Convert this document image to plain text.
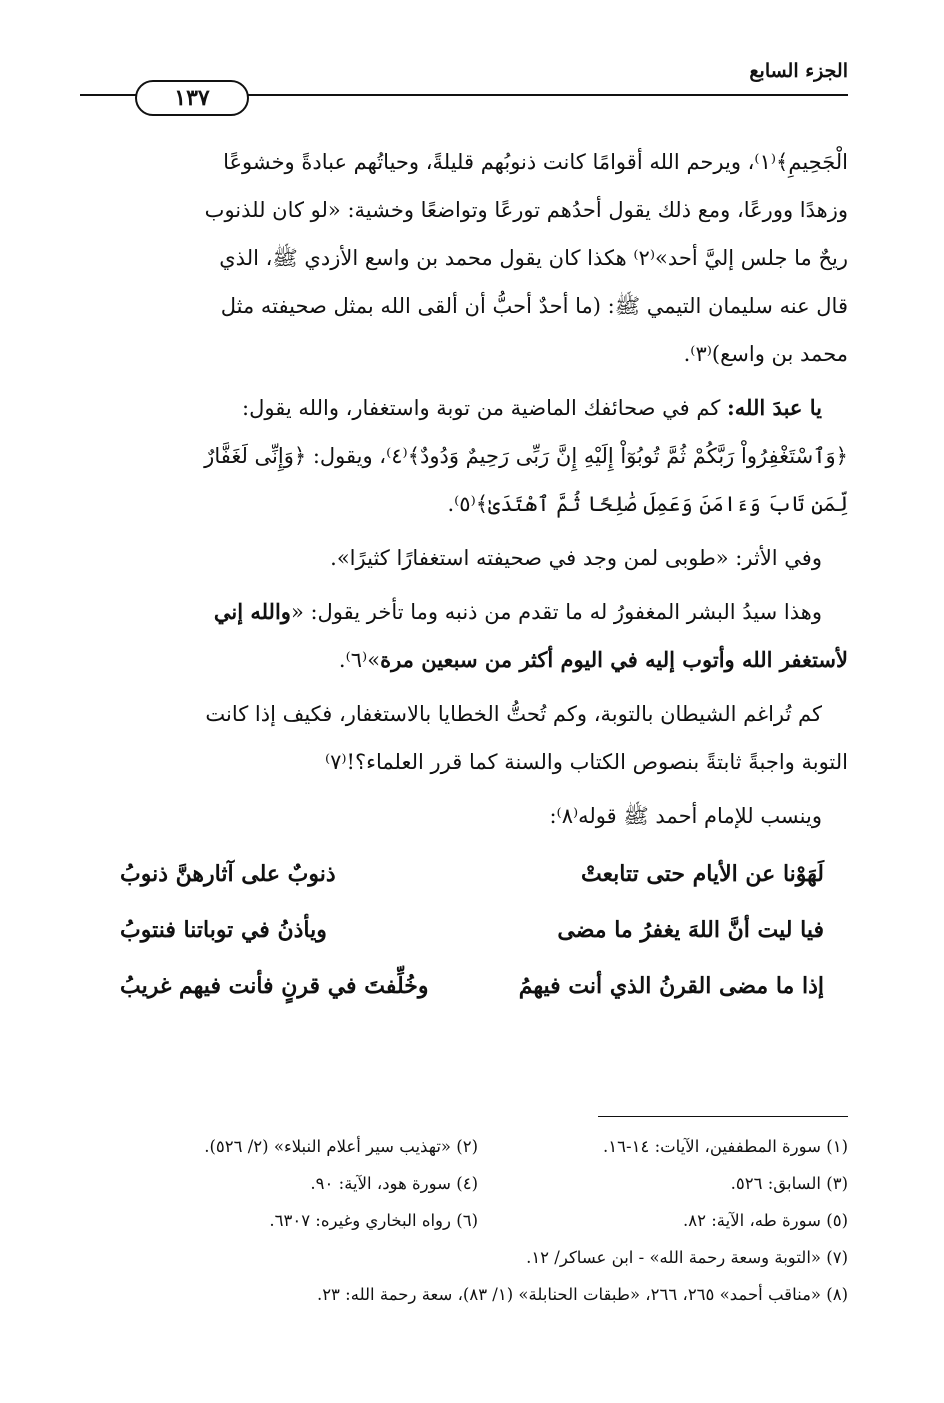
الجزء السابع
١٣٧
الْجَحِيمِ﴾⁽١⁾، ويرحم الله أقوامًا كانت ذنوبُهم قليلةً، وحياتُهم عبادةً وخشوعًا
وزهدًا وورعًا، ومع ذلك يقول أحدُهم تورعًا وتواضعًا وخشية: «لو كان للذنوب
ريحٌ ما جلس إليَّ أحد»⁽٢⁾ هكذا كان يقول محمد بن واسع الأزدي ﷺ، الذي
قال عنه سليمان التيمي ﷺ: (ما أحدٌ أحبُّ أن ألقى الله بمثل صحيفته مثل
محمد بن واسع)⁽٣⁾.
يا عبدَ الله: كم في صحائفك الماضية من توبة واستغفار، والله يقول:
﴿وَٱسْتَغْفِرُواْ رَبَّكُمْ ثُمَّ تُوبُوٓاْ إِلَيْهِ إِنَّ رَبِّى رَحِيمٌ وَدُودٌ﴾⁽٤⁾، ويقول: ﴿وَإِنِّى لَغَفَّارٌ
لِّمَن تَابَ وَءَامَنَ وَعَمِلَ صَٰلِحًا ثُمَّ ٱهْتَدَىٰ﴾⁽٥⁾.
وفي الأثر: «طوبى لمن وجد في صحيفته استغفارًا كثيرًا».
وهذا سيدُ البشر المغفورُ له ما تقدم من ذنبه وما تأخر يقول: «والله إني
لأستغفر الله وأتوب إليه في اليوم أكثر من سبعين مرة»⁽٦⁾.
كم تُراغم الشيطان بالتوبة، وكم تُحتُّ الخطايا بالاستغفار، فكيف إذا كانت
التوبة واجبةً ثابتةً بنصوص الكتاب والسنة كما قرر العلماء؟!⁽٧⁾
وينسب للإمام أحمد ﷺ قوله⁽٨⁾:
لَهَوْنا عن الأيام حتى تتابعتْ
ذنوبٌ على آثارهنَّ ذنوبُ
فيا ليت أنَّ اللهَ يغفرُ ما مضى
ويأذنُ في توباتنا فنتوبُ
إذا ما مضى القرنُ الذي أنت فيهمُ
وخُلِّفتَ في قرنٍ فأنت فيهم غريبُ
(١) سورة المطففين، الآيات: ١٤-١٦.
(٢) «تهذيب سير أعلام النبلاء» (٢/ ٥٢٦).
(٣) السابق: ٥٢٦.
(٤) سورة هود، الآية: ٩٠.
(٥) سورة طه، الآية: ٨٢.
(٦) رواه البخاري وغيره: ٦٣٠٧.
(٧) «التوبة وسعة رحمة الله» - ابن عساكر/ ١٢.
(٨) «مناقب أحمد» ٢٦٥، ٢٦٦، «طبقات الحنابلة» (١/ ٨٣)، سعة رحمة الله: ٢٣.
